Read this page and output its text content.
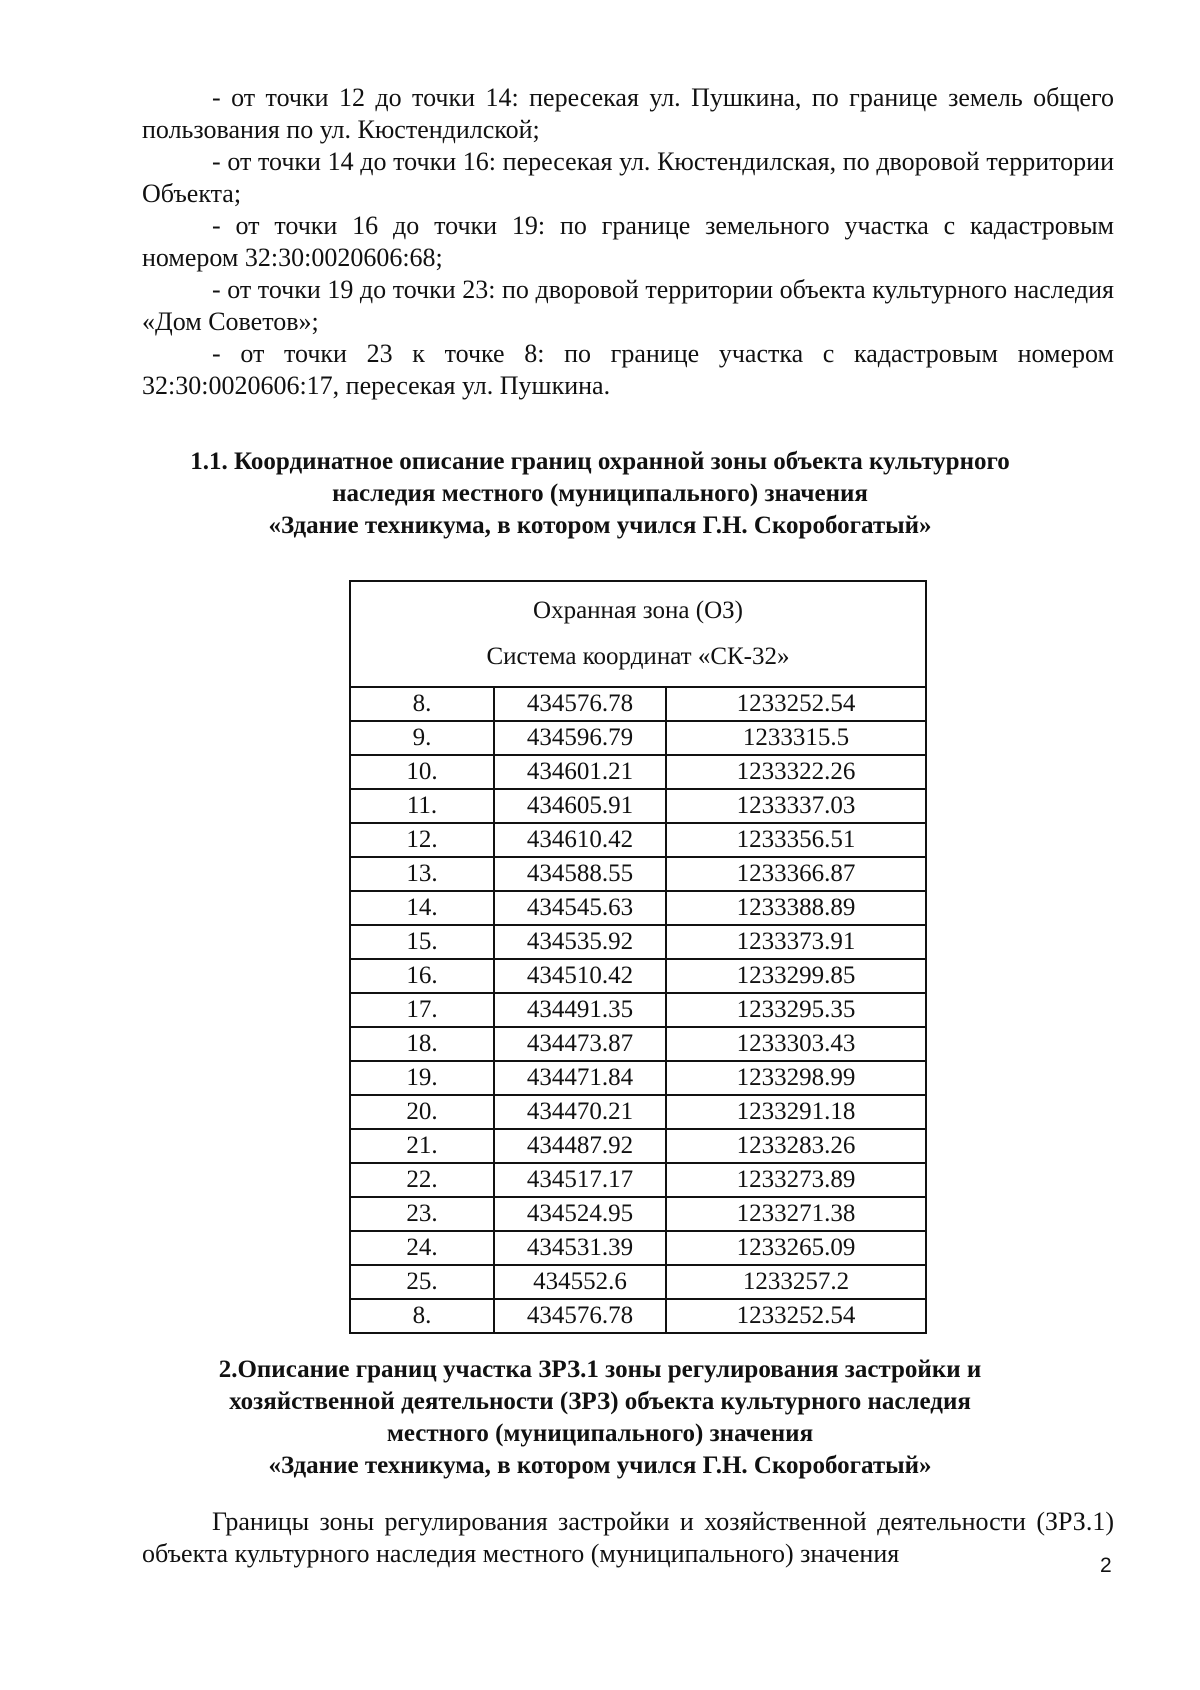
- от точки 12 до точки 14: пересекая ул. Пушкина, по границе земель общего пользования по ул. Кюстендилской;

- от точки 14 до точки 16: пересекая ул. Кюстендилская, по дворовой территории Объекта;

- от точки 16 до точки 19: по границе земельного участка с кадастровым номером 32:30:0020606:68;

- от точки 19 до точки 23: по дворовой территории объекта культурного наследия «Дом Советов»;

- от точки 23 к точке 8: по границе участка с кадастровым номером 32:30:0020606:17, пересекая ул. Пушкина.

1.1. Координатное описание границ охранной зоны объекта культурного
наследия местного (муниципального) значения
«Здание техникума, в котором учился Г.Н. Скоробогатый»
Охранная зона (ОЗ)
Система координат «СК-32»		

8.	434576.78	1233252.54
9.	434596.79	1233315.5
10.	434601.21	1233322.26
11.	434605.91	1233337.03
12.	434610.42	1233356.51
13.	434588.55	1233366.87
14.	434545.63	1233388.89
15.	434535.92	1233373.91
16.	434510.42	1233299.85
17.	434491.35	1233295.35
18.	434473.87	1233303.43
19.	434471.84	1233298.99
20.	434470.21	1233291.18
21.	434487.92	1233283.26
22.	434517.17	1233273.89
23.	434524.95	1233271.38
24.	434531.39	1233265.09
25.	434552.6	1233257.2
8.	434576.78	1233252.54
2.Описание границ участка ЗРЗ.1 зоны регулирования застройки и
хозяйственной деятельности (ЗРЗ) объекта культурного наследия
местного (муниципального) значения
«Здание техникума, в котором учился Г.Н. Скоробогатый»

Границы зоны регулирования застройки и хозяйственной деятельности (ЗРЗ.1) объекта культурного наследия местного (муниципального) значения	2
